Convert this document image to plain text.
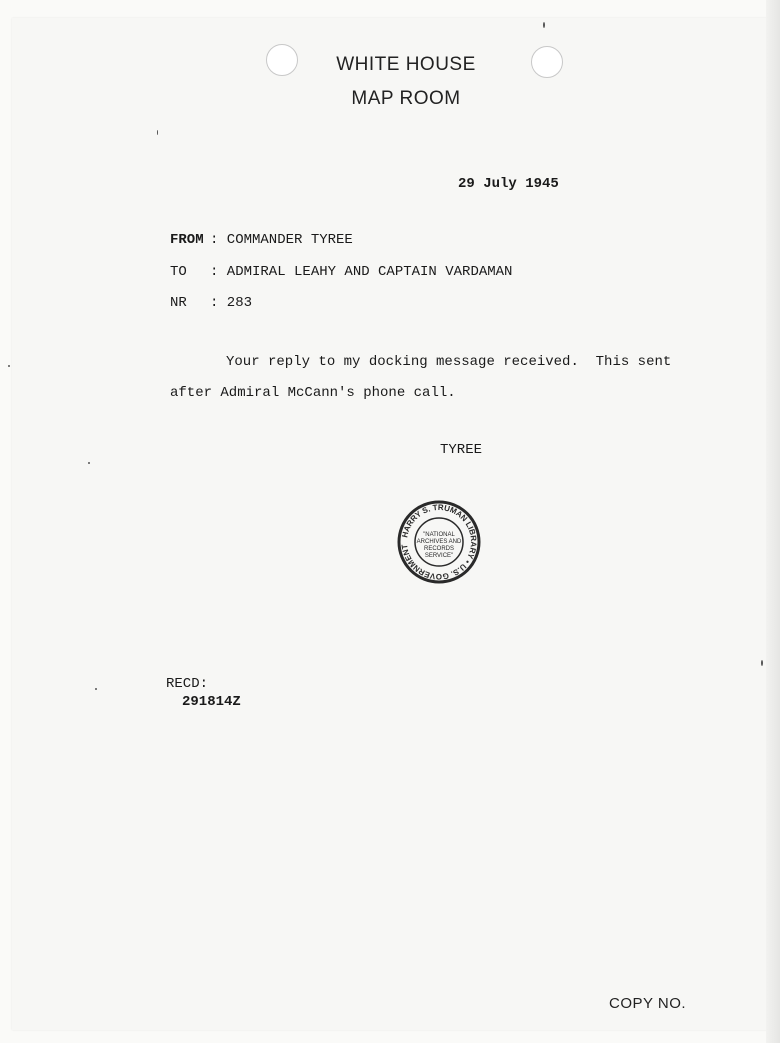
WHITE HOUSE
MAP ROOM
29 July 1945
FROM : COMMANDER TYREE
TO : ADMIRAL LEAHY AND CAPTAIN VARDAMAN
NR : 283
Your reply to my docking message received.  This sent
after Admiral McCann's phone call.
TYREE
HARRY S. TRUMAN LIBRARY • U.S. GOVERNMENT
"NATIONAL
ARCHIVES AND
RECORDS
SERVICE"
RECD:
291814Z
COPY NO.
